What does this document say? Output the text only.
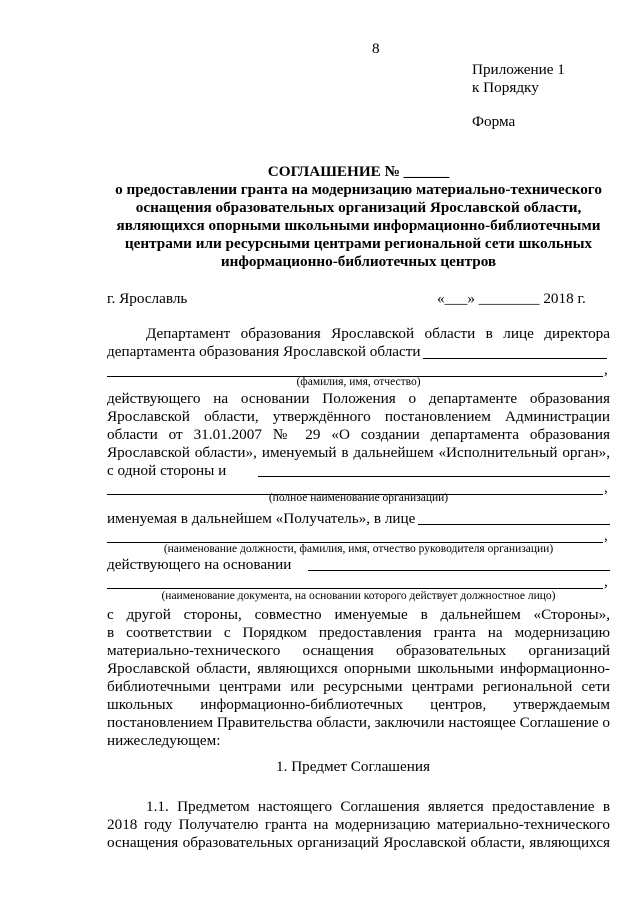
8
Приложение 1
к Порядку
Форма
СОГЛАШЕНИЕ № ______
о предоставлении гранта на модернизацию материально-технического
оснащения образовательных организаций Ярославской области,
являющихся опорными школьными информационно-библиотечными
центрами или ресурсными центрами региональной сети школьных
информационно-библиотечных центров
г. Ярославль	«___» ________ 2018 г.
Департамент образования Ярославской области в лице директора
департамента образования Ярославской области
,
(фамилия, имя, отчество)
действующего на основании Положения о департаменте образования
Ярославской области, утверждённого постановлением Администрации
области от 31.01.2007 № 29 «О создании департамента образования
Ярославской области», именуемый в дальнейшем «Исполнительный орган»,
с одной стороны и
,
(полное наименование организации)
именуемая в дальнейшем «Получатель», в лице
,
(наименование должности, фамилия, имя, отчество руководителя организации)
действующего на основании
,
(наименование документа, на основании которого действует должностное лицо)
с другой стороны, совместно именуемые в дальнейшем «Стороны»,
в соответствии с Порядком предоставления гранта на модернизацию
материально-технического оснащения образовательных организаций
Ярославской области, являющихся опорными школьными информационно-
библиотечными центрами или ресурсными центрами региональной сети
школьных информационно-библиотечных центров, утверждаемым
постановлением Правительства области, заключили настоящее Соглашение о
нижеследующем:
1. Предмет Соглашения
1.1. Предметом настоящего Соглашения является предоставление в
2018 году Получателю гранта на модернизацию материально-технического
оснащения образовательных организаций Ярославской области, являющихся
